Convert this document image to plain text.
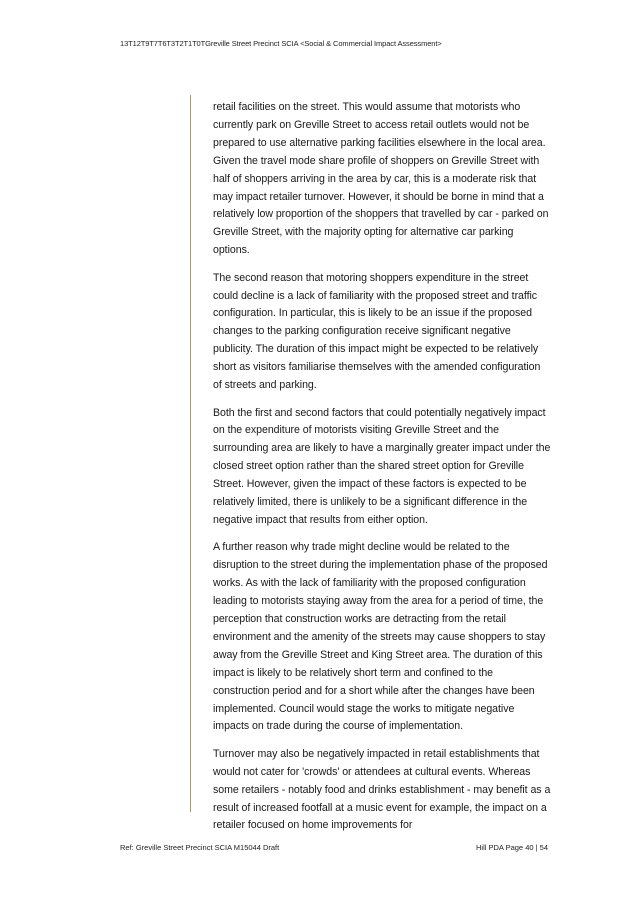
13T12T9T7T6T3T2T1T0TGreville Street Precinct SCIA <Social & Commercial Impact Assessment>

retail facilities on the street. This would assume that motorists who currently park on Greville Street to access retail outlets would not be prepared to use alternative parking facilities elsewhere in the local area. Given the travel mode share profile of shoppers on Greville Street with half of shoppers arriving in the area by car, this is a moderate risk that may impact retailer turnover. However, it should be borne in mind that a relatively low proportion of the shoppers that travelled by car - parked on Greville Street, with the majority opting for alternative car parking options.

The second reason that motoring shoppers expenditure in the street could decline is a lack of familiarity with the proposed street and traffic configuration. In particular, this is likely to be an issue if the proposed changes to the parking configuration receive significant negative publicity. The duration of this impact might be expected to be relatively short as visitors familiarise themselves with the amended configuration of streets and parking.

Both the first and second factors that could potentially negatively impact on the expenditure of motorists visiting Greville Street and the surrounding area are likely to have a marginally greater impact under the closed street option rather than the shared street option for Greville Street. However, given the impact of these factors is expected to be relatively limited, there is unlikely to be a significant difference in the negative impact that results from either option.

A further reason why trade might decline would be related to the disruption to the street during the implementation phase of the proposed works. As with the lack of familiarity with the proposed configuration leading to motorists staying away from the area for a period of time, the perception that construction works are detracting from the retail environment and the amenity of the streets may cause shoppers to stay away from the Greville Street and King Street area. The duration of this impact is likely to be relatively short term and confined to the construction period and for a short while after the changes have been implemented. Council would stage the works to mitigate negative impacts on trade during the course of implementation.

Turnover may also be negatively impacted in retail establishments that would not cater for 'crowds' or attendees at cultural events. Whereas some retailers - notably food and drinks establishment - may benefit as a result of increased footfall at a music event for example, the impact on a retailer focused on home improvements for

Ref: Greville Street Precinct SCIA M15044 Draft	Hill PDA Page 40 | 54
